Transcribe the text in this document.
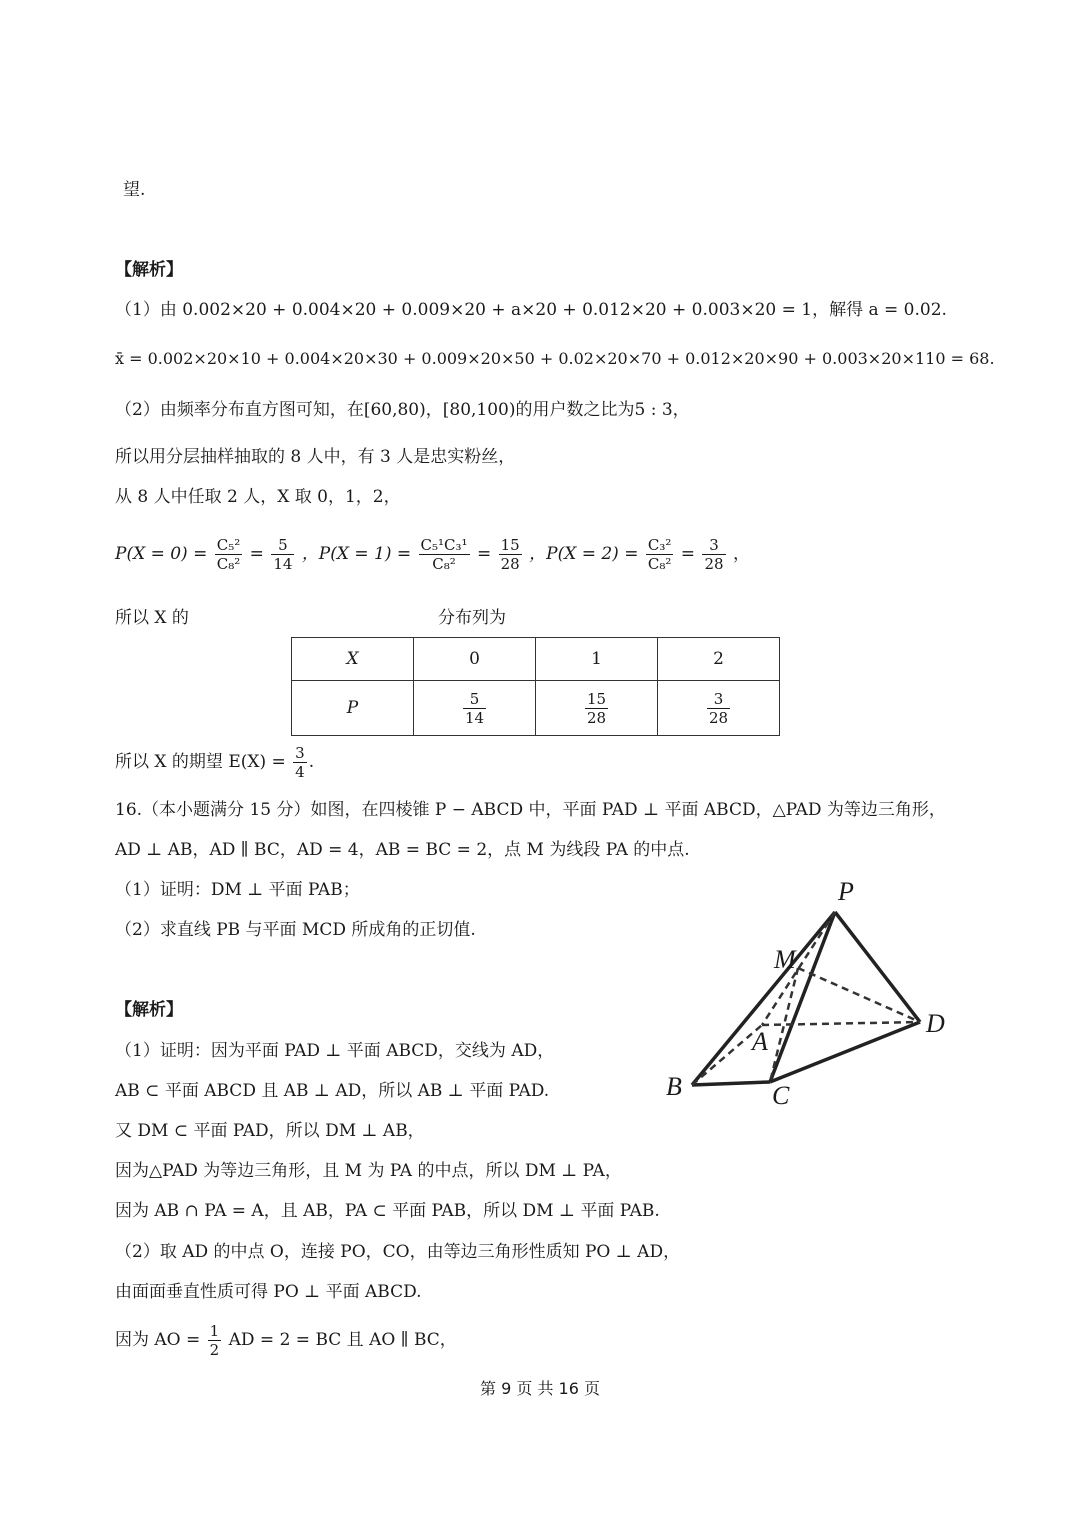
望.
【解析】
（1）由 0.002×20 + 0.004×20 + 0.009×20 + a×20 + 0.012×20 + 0.003×20 = 1，解得 a = 0.02.
x̄ = 0.002×20×10 + 0.004×20×30 + 0.009×20×50 + 0.02×20×70 + 0.012×20×90 + 0.003×20×110 = 68.
（2）由频率分布直方图可知，在[60,80)，[80,100)的用户数之比为5 : 3，
所以用分层抽样抽取的 8 人中，有 3 人是忠实粉丝，
从 8 人中任取 2 人，X 取 0，1，2，
$P(X = 0) = \frac{\text{C₅²}}{\text{C₈²}} = \frac{5}{14}$ ，$P(X = 1) = \frac{\text{C₅¹C₃¹}}{\text{C₈²}} = \frac{15}{28}$ ，$P(X = 2) = \frac{\text{C₃²}}{\text{C₈²}} = \frac{3}{28}$ ，
所以 X 的	分布列为
X	0	1	2
P	$\frac{5}{14}$	$\frac{15}{28}$	$\frac{3}{28}$
所以 X 的期望 $E(X) = \frac{3}{4}$ .
16.（本小题满分 15 分）如图，在四棱锥 P − ABCD 中，平面 PAD ⊥ 平面 ABCD，△PAD 为等边三角形，
AD ⊥ AB，AD ∥ BC，AD = 4，AB = BC = 2，点 M 为线段 PA 的中点.
（1）证明：DM ⊥ 平面 PAB；
（2）求直线 PB 与平面 MCD 所成角的正切值.
【解析】
（1）证明：因为平面 PAD ⊥ 平面 ABCD，交线为 AD，
AB ⊂ 平面 ABCD 且 AB ⊥ AD，所以 AB ⊥ 平面 PAD.
又 DM ⊂ 平面 PAD，所以 DM ⊥ AB，
因为△PAD 为等边三角形，且 M 为 PA 的中点，所以 DM ⊥ PA，
因为 AB ∩ PA = A，且 AB，PA ⊂ 平面 PAB，所以 DM ⊥ 平面 PAB.
（2）取 AD 的中点 O，连接 PO，CO，由等边三角形性质知 PO ⊥ AD，
由面面垂直性质可得 PO ⊥ 平面 ABCD.
因为 AO = $\frac{1}{2}$ AD = 2 = BC 且 AO ∥ BC，
P
M
A
B	C
D
第 9 页 共 16 页
